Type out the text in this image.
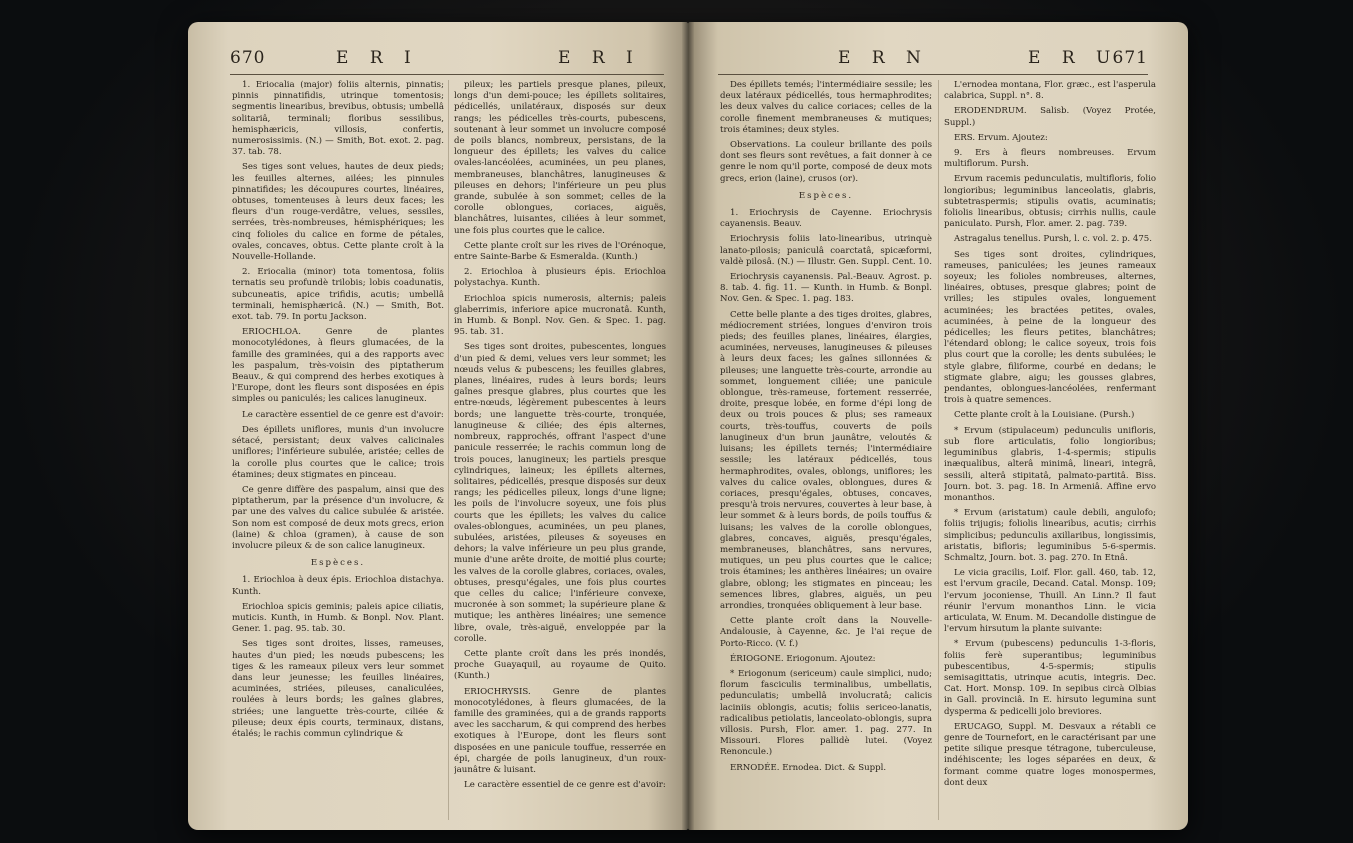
670	E R I	E R I

1. Eriocalia (major) foliis alternis, pinnatis; pinnis pinnatifidis, utrinque tomentosis; segmentis linearibus, brevibus, obtusis; umbellâ solitariâ, terminali; floribus sessilibus, hemisphæricis, villosis, confertis, numerosissimis. (N.) — Smith, Bot. exot. 2. pag. 37. tab. 78.

Ses tiges sont velues, hautes de deux pieds; les feuilles alternes, ailées; les pinnules pinnatifides; les découpures courtes, linéaires, obtuses, tomenteuses à leurs deux faces; les fleurs d'un rouge-verdâtre, velues, sessiles, serrées, très-nombreuses, hémisphériques; les cinq folioles du calice en forme de pétales, ovales, concaves, obtus. Cette plante croît à la Nouvelle-Hollande.

2. Eriocalia (minor) tota tomentosa, foliis ternatis seu profundè trilobis; lobis coadunatis, subcuneatis, apice trifidis, acutis; umbellâ terminali, hemisphæricâ. (N.) — Smith, Bot. exot. tab. 79. In portu Jackson.

ERIOCHLOA. Genre de plantes monocotylédones, à fleurs glumacées, de la famille des graminées, qui a des rapports avec les paspalum, très-voisin des piptatherum Beauv., & qui comprend des herbes exotiques à l'Europe, dont les fleurs sont disposées en épis simples ou paniculés; les calices lanugineux.

Le caractère essentiel de ce genre est d'avoir:

Des épillets uniflores, munis d'un involucre sétacé, persistant; deux valves calicinales uniflores; l'inférieure subulée, aristée; celles de la corolle plus courtes que le calice; trois étamines; deux stigmates en pinceau.

Ce genre diffère des paspalum, ainsi que des piptatherum, par la présence d'un involucre, & par une des valves du calice subulée & aristée. Son nom est composé de deux mots grecs, erion (laine) & chloa (gramen), à cause de son involucre pileux & de son calice lanugineux.

Espèces.

1. Eriochloa à deux épis. Eriochloa distachya. Kunth.

Eriochloa spicis geminis; paleis apice ciliatis, muticis. Kunth, in Humb. & Bonpl. Nov. Plant. Gener. 1. pag. 95. tab. 30.

Ses tiges sont droites, lisses, rameuses, hautes d'un pied; les nœuds pubescens; les tiges & les rameaux pileux vers leur sommet dans leur jeunesse; les feuilles linéaires, acuminées, striées, pileuses, canaliculées, roulées à leurs bords; les gaînes glabres, striées; une languette très-courte, ciliée & pileuse; deux épis courts, terminaux, distans, étalés; le rachis commun cylindrique &

pileux; les partiels presque planes, pileux, longs d'un demi-pouce; les épillets solitaires, pédicellés, unilatéraux, disposés sur deux rangs; les pédicelles très-courts, pubescens, soutenant à leur sommet un involucre composé de poils blancs, nombreux, persistans, de la longueur des épillets; les valves du calice ovales-lancéolées, acuminées, un peu planes, membraneuses, blanchâtres, lanugineuses & pileuses en dehors; l'inférieure un peu plus grande, subulée à son sommet; celles de la corolle oblongues, coriaces, aiguës, blanchâtres, luisantes, ciliées à leur sommet, une fois plus courtes que le calice.

Cette plante croît sur les rives de l'Orénoque, entre Sainte-Barbe & Esmeralda. (Kunth.)

2. Eriochloa à plusieurs épis. Eriochloa polystachya. Kunth.

Eriochloa spicis numerosis, alternis; paleis glaberrimis, inferiore apice mucronatâ. Kunth, in Humb. & Bonpl. Nov. Gen. & Spec. 1. pag. 95. tab. 31.

Ses tiges sont droites, pubescentes, longues d'un pied & demi, velues vers leur sommet; les nœuds velus & pubescens; les feuilles glabres, planes, linéaires, rudes à leurs bords; leurs gaînes presque glabres, plus courtes que les entre-nœuds, légèrement pubescentes à leurs bords; une languette très-courte, tronquée, lanugineuse & ciliée; des épis alternes, nombreux, rapprochés, offrant l'aspect d'une panicule resserrée; le rachis commun long de trois pouces, lanugineux; les partiels presque cylindriques, laineux; les épillets alternes, solitaires, pédicellés, presque disposés sur deux rangs; les pédicelles pileux, longs d'une ligne; les poils de l'involucre soyeux, une fois plus courts que les épillets; les valves du calice ovales-oblongues, acuminées, un peu planes, subulées, aristées, pileuses & soyeuses en dehors; la valve inférieure un peu plus grande, munie d'une arête droite, de moitié plus courte; les valves de la corolle glabres, coriaces, ovales, obtuses, presqu'égales, une fois plus courtes que celles du calice; l'inférieure convexe, mucronée à son sommet; la supérieure plane & mutique; les anthères linéaires; une semence libre, ovale, très-aiguë, enveloppée par la corolle.

Cette plante croît dans les prés inondés, proche Guayaquil, au royaume de Quito. (Kunth.)

ERIOCHRYSIS. Genre de plantes monocotylédones, à fleurs glumacées, de la famille des graminées, qui a de grands rapports avec les saccharum, & qui comprend des herbes exotiques à l'Europe, dont les fleurs sont disposées en une panicule touffue, resserrée en épi, chargée de poils lanugineux, d'un roux-jaunâtre & luisant.

Le caractère essentiel de ce genre est d'avoir:

E R N	E R U
671

Des épillets temés; l'intermédiaire sessile; les deux latéraux pédicellés, tous hermaphrodites; les deux valves du calice coriaces; celles de la corolle finement membraneuses & mutiques; trois étamines; deux styles.

Observations. La couleur brillante des poils dont ses fleurs sont revêtues, a fait donner à ce genre le nom qu'il porte, composé de deux mots grecs, erion (laine), crusos (or).

Espèces.

1. Eriochrysis de Cayenne. Eriochrysis cayanensis. Beauv.

Eriochrysis foliis lato-linearibus, utrinquè lanato-pilosis; paniculâ coarctatâ, spicæformi, valdè pilosâ. (N.) — Illustr. Gen. Suppl. Cent. 10.

Eriochrysis cayanensis. Pal.-Beauv. Agrost. p. 8. tab. 4. fig. 11. — Kunth. in Humb. & Bonpl. Nov. Gen. & Spec. 1. pag. 183.

Cette belle plante a des tiges droites, glabres, médiocrement striées, longues d'environ trois pieds; des feuilles planes, linéaires, élargies, acuminées, nerveuses, lanugineuses & pileuses à leurs deux faces; les gaînes sillonnées & pileuses; une languette très-courte, arrondie au sommet, longuement ciliée; une panicule oblongue, très-rameuse, fortement resserrée, droite, presque lobée, en forme d'épi long de deux ou trois pouces & plus; ses rameaux courts, très-touffus, couverts de poils lanugineux d'un brun jaunâtre, veloutés & luisans; les épillets ternés; l'intermédiaire sessile; les latéraux pédicellés, tous hermaphrodites, ovales, oblongs, uniflores; les valves du calice ovales, oblongues, dures & coriaces, presqu'égales, obtuses, concaves, presqu'à trois nervures, couvertes à leur base, à leur sommet & à leurs bords, de poils touffus & luisans; les valves de la corolle oblongues, glabres, concaves, aiguës, presqu'égales, membraneuses, blanchâtres, sans nervures, mutiques, un peu plus courtes que le calice; trois étamines; les anthères linéaires; un ovaire glabre, oblong; les stigmates en pinceau; les semences libres, glabres, aiguës, un peu arrondies, tronquées obliquement à leur base.

Cette plante croît dans la Nouvelle-Andalousie, à Cayenne, &c. Je l'ai reçue de Porto-Ricco. (V. f.)

ÉRIOGONE. Eriogonum. Ajoutez:

* Eriogonum (sericeum) caule simplici, nudo; florum fasciculis terminalibus, umbellatis, pedunculatis; umbellâ involucratâ; calicis laciniis oblongis, acutis; foliis sericeo-lanatis, radicalibus petiolatis, lanceolato-oblongis, supra villosis. Pursh, Flor. amer. 1. pag. 277. In Missouri. Flores pallidè lutei. (Voyez Renoncule.)

ERNODÉE. Ernodea. Dict. & Suppl.

L'ernodea montana, Flor. græc., est l'asperula calabrica, Suppl. n°. 8.

ERODENDRUM. Salisb. (Voyez Protée, Suppl.)

ERS. Ervum. Ajoutez:

9. Ers à fleurs nombreuses. Ervum multiflorum. Pursh.

Ervum racemis pedunculatis, multifloris, folio longioribus; leguminibus lanceolatis, glabris, subtetraspermis; stipulis ovatis, acuminatis; foliolis linearibus, obtusis; cirrhis nullis, caule paniculato. Pursh, Flor. amer. 2. pag. 739.

Astragalus tenellus. Pursh, l. c. vol. 2. p. 475.

Ses tiges sont droites, cylindriques, rameuses, paniculées; les jeunes rameaux soyeux; les folioles nombreuses, alternes, linéaires, obtuses, presque glabres; point de vrilles; les stipules ovales, longuement acuminées; les bractées petites, ovales, acuminées, à peine de la longueur des pédicelles; les fleurs petites, blanchâtres; l'étendard oblong; le calice soyeux, trois fois plus court que la corolle; les dents subulées; le style glabre, filiforme, courbé en dedans; le stigmate glabre, aigu; les gousses glabres, pendantes, oblongues-lancéolées, renfermant trois à quatre semences.

Cette plante croît à la Louisiane. (Pursh.)

* Ervum (stipulaceum) pedunculis unifloris, sub flore articulatis, folio longioribus; leguminibus glabris, 1-4-spermis; stipulis inæqualibus, alterâ minimâ, lineari, integrâ, sessili, alterâ stipitatâ, palmato-partitâ. Biss. Journ. bot. 3. pag. 18. In Armeniâ. Affine ervo monanthos.

* Ervum (aristatum) caule debili, angulofo; foliis trijugis; foliolis linearibus, acutis; cirrhis simplicibus; pedunculis axillaribus, longissimis, aristatis, bifloris; leguminibus 5-6-spermis. Schmaltz, Journ. bot. 3. pag. 270. In Etnâ.

Le vicia gracilis, Loif. Flor. gall. 460, tab. 12, est l'ervum gracile, Decand. Catal. Monsp. 109; l'ervum joconiense, Thuill. An Linn.? Il faut réunir l'ervum monanthos Linn. le vicia articulata, W. Enum. M. Decandolle distingue de l'ervum hirsutum la plante suivante:

* Ervum (pubescens) pedunculis 1-3-floris, foliis ferè superantibus; leguminibus pubescentibus, 4-5-spermis; stipulis semisagittatis, utrinque acutis, integris. Dec. Cat. Hort. Monsp. 109. In sepibus circà Olbias in Gall. provinciâ. In E. hirsuto legumina sunt dysperma & pedicelli jolo breviores.

ERUCAGO, Suppl. M. Desvaux a rétabli ce genre de Tournefort, en le caractérisant par une petite silique presque tétragone, tuberculeuse, indéhiscente; les loges séparées en deux, & formant comme quatre loges monospermes, dont deux
